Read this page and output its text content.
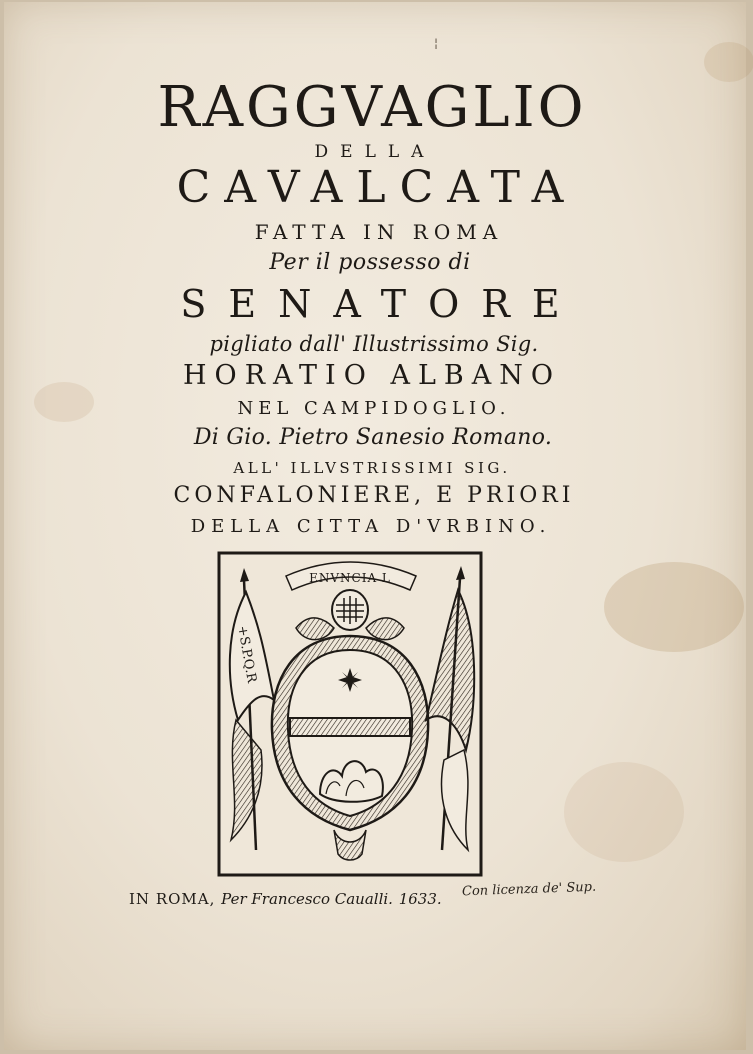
¦
RAGGVAGLIO
DELLA
CAVALCATA
FATTA IN ROMA
Per il possesso di
SENATORE
pigliato dall' Illustrissimo Sig.
HORATIO ALBANO
NEL CAMPIDOGLIO.
Di Gio. Pietro Sanesio Romano.
ALL' ILLVSTRISSIMI SIG.
CONFALONIERE, E PRIORI
DELLA CITTA D'VRBINO.
+S.P.Q.R
ENVNCIA L
IN ROMA, Per Francesco Caualli. 1633. Con licenza de' Sup.
